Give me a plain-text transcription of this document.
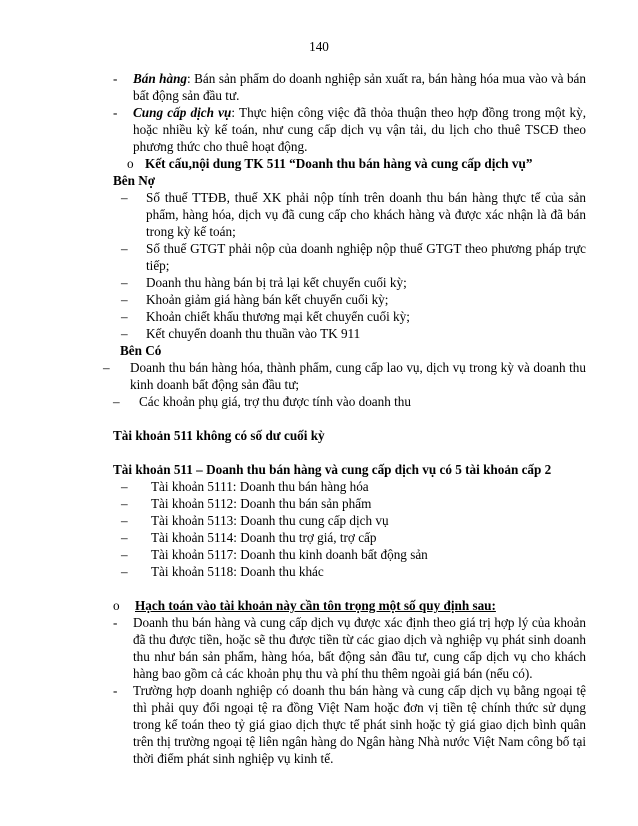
140
- Bán hàng: Bán sản phẩm do doanh nghiệp sản xuất ra, bán hàng hóa mua vào và bán bất động sản đầu tư.
- Cung cấp dịch vụ: Thực hiện công việc đã thỏa thuận theo hợp đồng trong một kỳ, hoặc nhiều kỳ kế toán, như cung cấp dịch vụ vận tải, du lịch cho thuê TSCĐ theo phương thức cho thuê hoạt động.
o Kết cấu,nội dung TK 511 “Doanh thu bán hàng và cung cấp dịch vụ”
Bên Nợ
– Số thuế TTĐB, thuế XK phải nộp tính trên doanh thu bán hàng thực tế của sản phẩm, hàng hóa, dịch vụ đã cung cấp cho khách hàng và được xác nhận là đã bán trong kỳ kế toán;
– Số thuế GTGT phải nộp của doanh nghiệp nộp thuế GTGT theo phương pháp trực tiếp;
– Doanh thu hàng bán bị trả lại kết chuyển cuối kỳ;
– Khoản giảm giá hàng bán kết chuyển cuối kỳ;
– Khoản chiết khấu thương mại kết chuyển cuối kỳ;
– Kết chuyển doanh thu thuần vào TK 911
Bên Có
– Doanh thu bán hàng hóa, thành phẩm, cung cấp lao vụ, dịch vụ trong kỳ và doanh thu kinh doanh bất động sản đầu tư;
– Các khoản phụ giá, trợ thu được tính vào doanh thu
Tài khoản 511 không có số dư cuối kỳ
Tài khoản 511 – Doanh thu bán hàng và cung cấp dịch vụ có 5 tài khoản cấp 2
– Tài khoản 5111: Doanh thu bán hàng hóa
– Tài khoản 5112: Doanh thu bán sản phẩm
– Tài khoản 5113: Doanh thu cung cấp dịch vụ
– Tài khoản 5114: Doanh thu trợ giá, trợ cấp
– Tài khoản 5117: Doanh thu kinh doanh bất động sản
– Tài khoản 5118: Doanh thu khác
o Hạch toán vào tài khoản này cần tôn trọng một số quy định sau:
- Doanh thu bán hàng và cung cấp dịch vụ được xác định theo giá trị hợp lý của khoản đã thu được tiền, hoặc sẽ thu được tiền từ các giao dịch và nghiệp vụ phát sinh doanh thu như bán sản phẩm, hàng hóa, bất động sản đầu tư, cung cấp dịch vụ cho khách hàng bao gồm cả các khoản phụ thu và phí thu thêm ngoài giá bán (nếu có).
- Trường hợp doanh nghiệp có doanh thu bán hàng và cung cấp dịch vụ bằng ngoại tệ thì phải quy đổi ngoại tệ ra đồng Việt Nam hoặc đơn vị tiền tệ chính thức sử dụng trong kế toán theo tỷ giá giao dịch thực tế phát sinh hoặc tỷ giá giao dịch bình quân trên thị trường ngoại tệ liên ngân hàng do Ngân hàng Nhà nước Việt Nam công bố tại thời điểm phát sinh nghiệp vụ kinh tế.
